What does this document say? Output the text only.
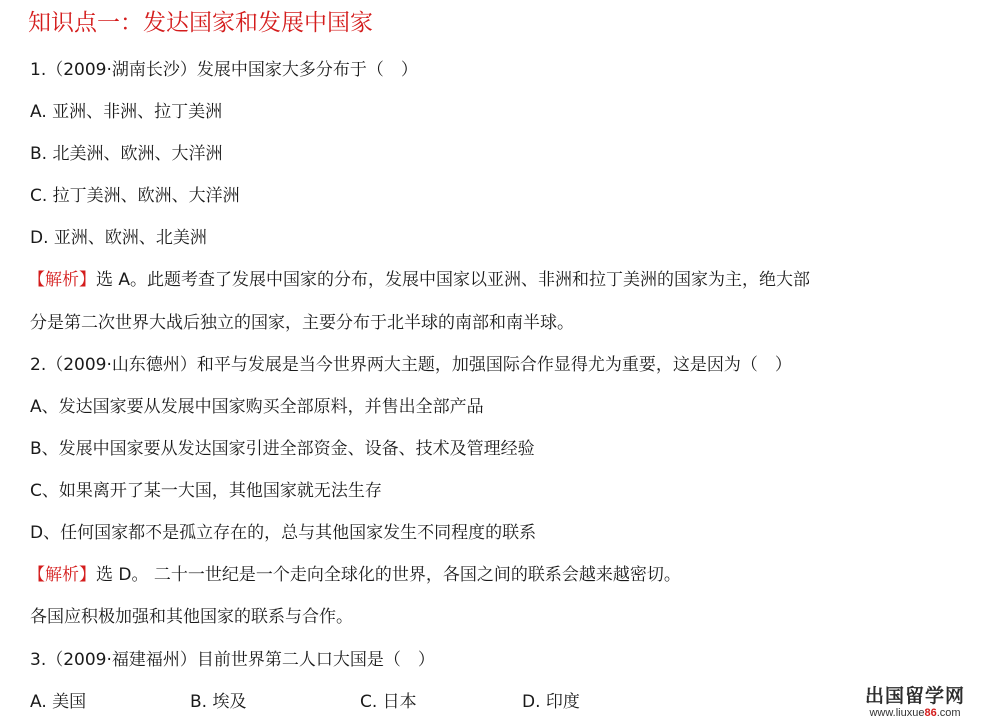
知识点一：发达国家和发展中国家
1.（2009·湖南长沙）发展中国家大多分布于（　）
A. 亚洲、非洲、拉丁美洲
B. 北美洲、欧洲、大洋洲
C. 拉丁美洲、欧洲、大洋洲
D. 亚洲、欧洲、北美洲
【解析】选 A。此题考查了发展中国家的分布，发展中国家以亚洲、非洲和拉丁美洲的国家为主，绝大部
分是第二次世界大战后独立的国家，主要分布于北半球的南部和南半球。
2.（2009·山东德州）和平与发展是当今世界两大主题，加强国际合作显得尤为重要，这是因为（　）
A、发达国家要从发展中国家购买全部原料，并售出全部产品
B、发展中国家要从发达国家引进全部资金、设备、技术及管理经验
C、如果离开了某一大国，其他国家就无法生存
D、任何国家都不是孤立存在的，总与其他国家发生不同程度的联系
【解析】选 D。 二十一世纪是一个走向全球化的世界，各国之间的联系会越来越密切。
各国应积极加强和其他国家的联系与合作。
3.（2009·福建福州）目前世界第二人口大国是（　）
A. 美国	B. 埃及	C. 日本	D. 印度	出国留学网
www.liuxue86.com
